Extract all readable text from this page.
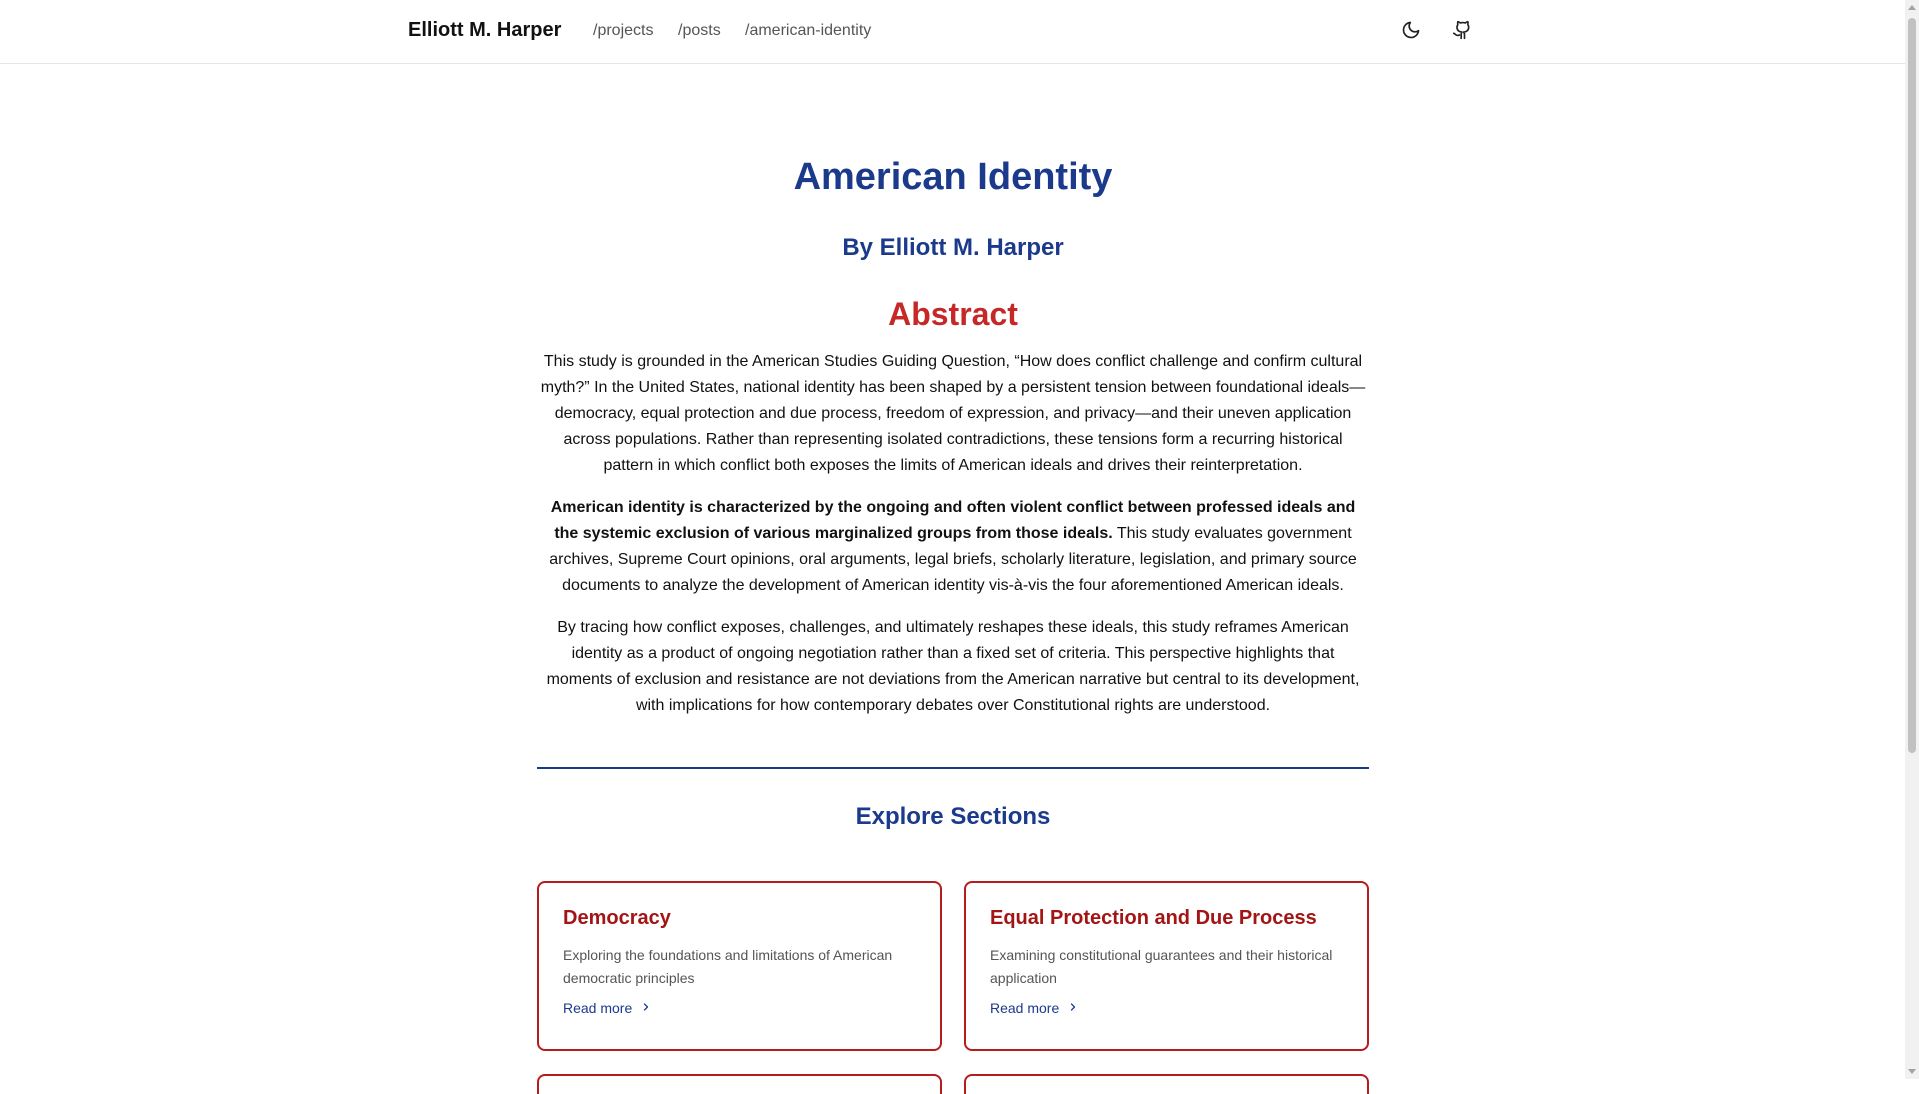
Elliott M. Harper /projects /posts /american-identity
American Identity
By Elliott M. Harper
Abstract

This study is grounded in the American Studies Guiding Question, “How does conflict challenge and confirm cultural myth?” In the United States, national identity has been shaped by a persistent tension between foundational ideals—democracy, equal protection and due process, freedom of expression, and privacy—and their uneven application across populations. Rather than representing isolated contradictions, these tensions form a recurring historical pattern in which conflict both exposes the limits of American ideals and drives their reinterpretation.

American identity is characterized by the ongoing and often violent conflict between professed ideals and the systemic exclusion of various marginalized groups from those ideals. This study evaluates government archives, Supreme Court opinions, oral arguments, legal briefs, scholarly literature, legislation, and primary source documents to analyze the development of American identity vis-à-vis the four aforementioned American ideals.

By tracing how conflict exposes, challenges, and ultimately reshapes these ideals, this study reframes American identity as a product of ongoing negotiation rather than a fixed set of criteria. This perspective highlights that moments of exclusion and resistance are not deviations from the American narrative but central to its development, with implications for how contemporary debates over Constitutional rights are understood.

Explore Sections
Democracy

Exploring the foundations and limitations of American democratic principles

Read more
Equal Protection and Due Process

Examining constitutional guarantees and their historical application

Read more
